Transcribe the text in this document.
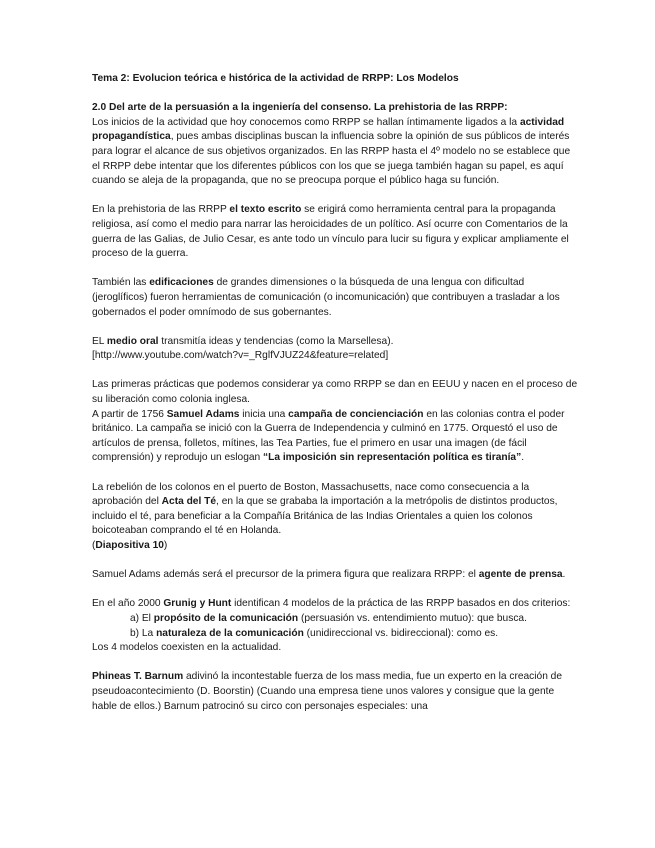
Tema 2: Evolucion teórica e histórica de la actividad de RRPP: Los Modelos

2.0 Del arte de la persuasión a la ingeniería del consenso. La prehistoria de las RRPP:
Los inicios de la actividad que hoy conocemos como RRPP se hallan íntimamente ligados a la actividad propagandística, pues ambas disciplinas buscan la influencia sobre la opinión de sus públicos de interés para lograr el alcance de sus objetivos organizados. En las RRPP hasta el 4º modelo no se establece que el RRPP debe intentar que los diferentes públicos con los que se juega también hagan su papel, es aquí cuando se aleja de la propaganda, que no se preocupa porque el público haga su función.

En la prehistoria de las RRPP el texto escrito se erigirá como herramienta central para la propaganda religiosa, así como el medio para narrar las heroicidades de un político. Así ocurre con Comentarios de la guerra de las Galias, de Julio Cesar, es ante todo un vínculo para lucir su figura y explicar ampliamente el proceso de la guerra.

También las edificaciones de grandes dimensiones o la búsqueda de una lengua con dificultad (jeroglíficos) fueron herramientas de comunicación (o incomunicación) que contribuyen a trasladar a los gobernados el poder omnímodo de sus gobernantes.

EL medio oral transmitía ideas y tendencias (como la Marsellesa).
[http://www.youtube.com/watch?v=_RglfVJUZ24&feature=related]

Las primeras prácticas que podemos considerar ya como RRPP se dan en EEUU y nacen en el proceso de su liberación como colonia inglesa.
A partir de 1756 Samuel Adams inicia una campaña de concienciación en las colonias contra el poder británico. La campaña se inició con la Guerra de Independencia y culminó en 1775. Orquestó el uso de artículos de prensa, folletos, mítines, las Tea Parties, fue el primero en usar una imagen (de fácil comprensión) y reprodujo un eslogan “La imposición sin representación política es tiranía”.

La rebelión de los colonos en el puerto de Boston, Massachusetts, nace como consecuencia a la aprobación del Acta del Té, en la que se grababa la importación a la metrópolis de distintos productos, incluido el té, para beneficiar a la Compañía Británica de las Indias Orientales a quien los colonos boicoteaban comprando el té en Holanda.
(Diapositiva 10)

Samuel Adams además será el precursor de la primera figura que realizara RRPP: el agente de prensa.

En el año 2000 Grunig y Hunt identifican 4 modelos de la práctica de las RRPP basados en dos criterios:

a) El propósito de la comunicación (persuasión vs. entendimiento mutuo): que busca.
b) La naturaleza de la comunicación (unidireccional vs. bidireccional): como es.

Los 4 modelos coexisten en la actualidad.

Phineas T. Barnum adivinó la incontestable fuerza de los mass media, fue un experto en la creación de pseudoacontecimiento (D. Boorstin) (Cuando una empresa tiene unos valores y consigue que la gente hable de ellos.) Barnum patrocinó su circo con personajes especiales: una
